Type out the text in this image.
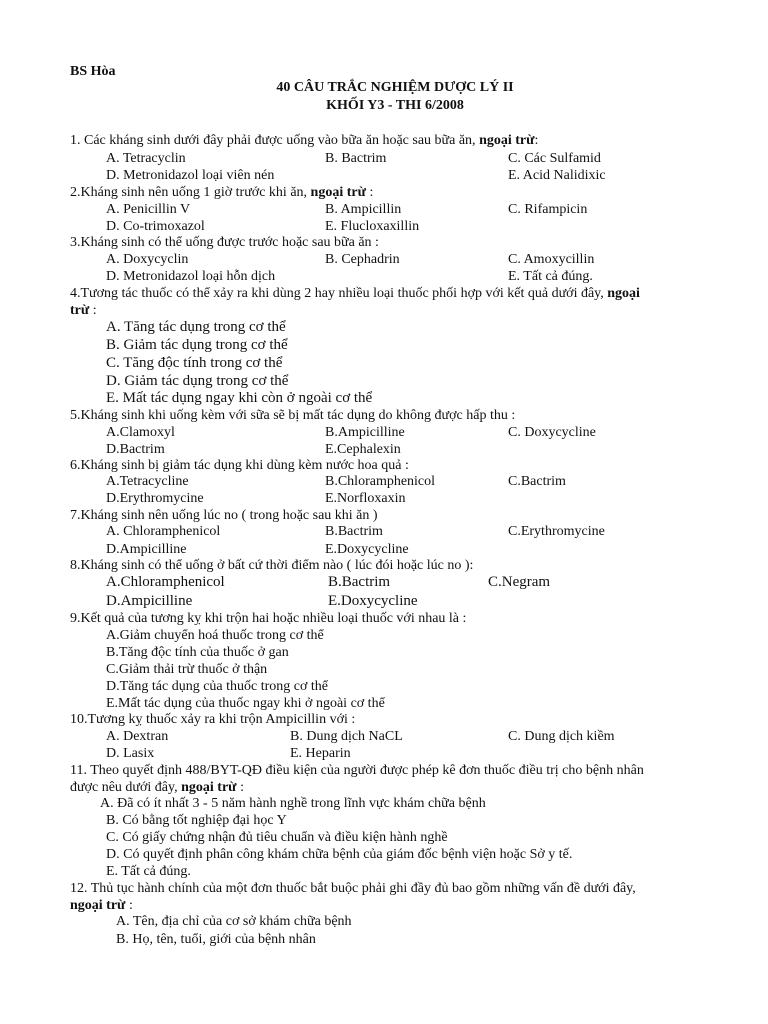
BS Hòa
40 CÂU TRẮC NGHIỆM DƯỢC LÝ II
KHỐI Y3 - THI 6/2008
1. Các kháng sinh dưới đây phải được uống vào bữa ăn hoặc sau bữa ăn, ngoại trừ:
A. Tetracyclin	B. Bactrim	C. Các Sulfamid
D. Metronidazol loại viên nén	E. Acid Nalidixic
2.Kháng sinh nên uống 1 giờ trước khi ăn, ngoại trừ :
A. Penicillin V	B. Ampicillin	C. Rifampicin
D. Co-trimoxazol	E. Flucloxaxillin
3.Kháng sinh có thể uống được trước hoặc sau bữa ăn :
A. Doxycyclin	B. Cephadrin	C. Amoxycillin
D. Metronidazol loại hỗn dịch	E. Tất cả đúng.
4.Tương tác thuốc có thể xảy ra khi dùng 2 hay nhiều loại thuốc phối hợp với kết quả dưới đây, ngoại
trừ :
A. Tăng tác dụng trong cơ thể
B. Giảm tác dụng trong cơ thể
C. Tăng độc tính trong cơ thể
D. Giảm tác dụng trong cơ thể
E. Mất tác dụng ngay khi còn ở ngoài cơ thể
5.Kháng sinh khi uống kèm với sữa sẽ bị mất tác dụng do không được hấp thu :
A.Clamoxyl	B.Ampicilline	C. Doxycycline
D.Bactrim	E.Cephalexin
6.Kháng sinh bị giảm tác dụng khi dùng kèm nước hoa quả :
A.Tetracycline	B.Chloramphenicol	C.Bactrim
D.Erythromycine	E.Norfloxaxin
7.Kháng sinh nên uống lúc no ( trong hoặc sau khi ăn )
A. Chloramphenicol	B.Bactrim	C.Erythromycine
D.Ampicilline	E.Doxycycline
8.Kháng sinh có thể uống ở bất cứ thời điểm nào ( lúc đói hoặc lúc no ):
A.Chloramphenicol	B.Bactrim	C.Negram
D.Ampicilline	E.Doxycycline
9.Kết quả của tương kỵ khi trộn hai hoặc nhiều loại thuốc với nhau là :
A.Giảm chuyển hoá thuốc trong cơ thể
B.Tăng độc tính của thuốc ở gan
C.Giảm thải trừ thuốc ở thận
D.Tăng tác dụng của thuốc trong cơ thể
E.Mất tác dụng của thuốc ngay khi ở ngoài cơ thể
10.Tương kỵ thuốc xảy ra khi trộn Ampicillin với :
A. Dextran	B. Dung dịch NaCL	C. Dung dịch kiềm
D. Lasix	E. Heparin
11. Theo quyết định 488/BYT-QĐ điều kiện của người được phép kê đơn thuốc điều trị cho bệnh nhân
được nêu dưới đây, ngoại trừ :
A. Đã có ít nhất 3 - 5 năm hành nghề trong lĩnh vực khám chữa bệnh
B. Có bằng tốt nghiệp đại học Y
C. Có giấy chứng nhận đủ tiêu chuẩn và điều kiện hành nghề
D. Có quyết định phân công khám chữa bệnh của giám đốc bệnh viện hoặc Sở y tế.
E. Tất cả đúng.
12. Thủ tục hành chính của một đơn thuốc bắt buộc phải ghi đầy đủ bao gồm những vấn đề dưới đây,
ngoại trừ :
A. Tên, địa chỉ của cơ sở khám chữa bệnh
B. Họ, tên, tuổi, giới của bệnh nhân
